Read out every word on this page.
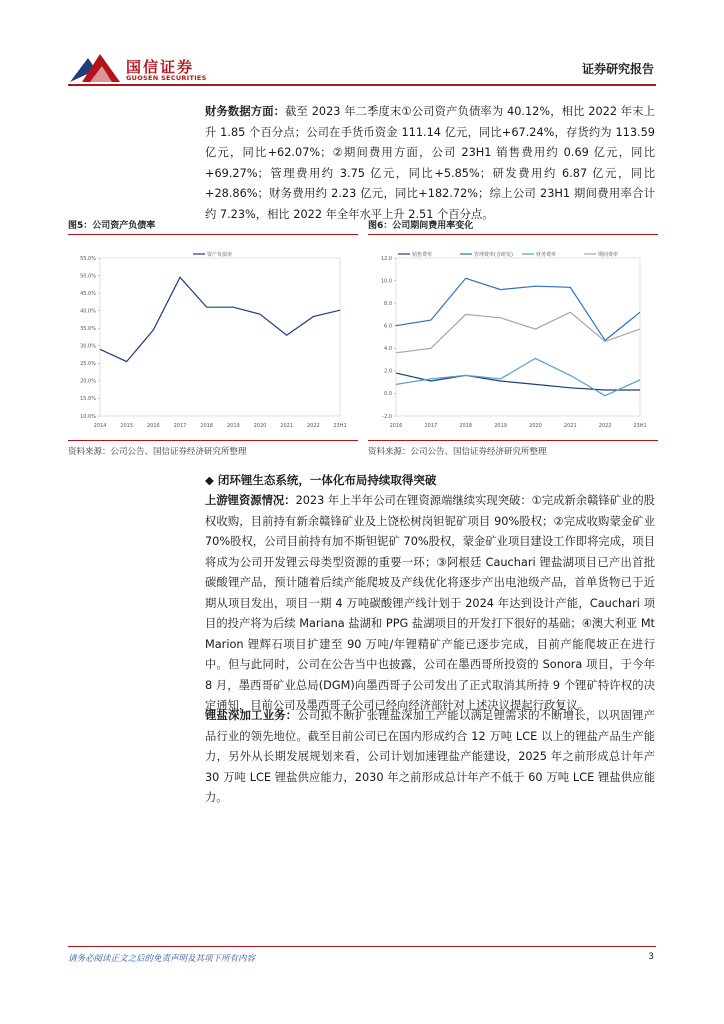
国信证券
GUOSEN SECURITIES
证券研究报告

财务数据方面：截至 2023 年二季度末①公司资产负债率为 40.12%，相比 2022 年末上升 1.85 个百分点；公司在手货币资金 111.14 亿元，同比+67.24%，存货约为 113.59 亿元，同比+62.07%；②期间费用方面，公司 23H1 销售费用约 0.69 亿元，同比+69.27%；管理费用约 3.75 亿元，同比+5.85%；研发费用约 6.87 亿元，同比+28.86%；财务费用约 2.23 亿元，同比+182.72%；综上公司 23H1 期间费用率合计约 7.23%，相比 2022 年全年水平上升 2.51 个百分点。

图5：公司资产负债率
10.0%
15.0%
20.0%
25.0%
30.0%
35.0%
40.0%
45.0%
50.0%
55.0%
2014	2015	2016	2017	2018	2019	2020	2021	2022	23H1
资产负债率
资料来源：公司公告、国信证券经济研究所整理
图6：公司期间费用率变化
-2.0
0.0
2.0
4.0
6.0
8.0
10.0
12.0
2016	2017	2018	2019	2020	2021	2022	23H1
销售费率	管理费率(含研发)	财务费率	期间费率
资料来源：公司公告、国信证券经济研究所整理
◆ 闭环锂生态系统，一体化布局持续取得突破

上游锂资源情况：2023 年上半年公司在锂资源端继续实现突破：①完成新余赣锋矿业的股权收购，目前持有新余赣锋矿业及上饶松树岗钽铌矿项目 90%股权；②完成收购蒙金矿业 70%股权，公司目前持有加不斯钽铌矿 70%股权，蒙金矿业项目建设工作即将完成，项目将成为公司开发锂云母类型资源的重要一环；③阿根廷 Cauchari 锂盐湖项目已产出首批碳酸锂产品，预计随着后续产能爬坡及产线优化将逐步产出电池级产品，首单货物已于近期从项目发出，项目一期 4 万吨碳酸锂产线计划于 2024 年达到设计产能，Cauchari 项目的投产将为后续 Mariana 盐湖和 PPG 盐湖项目的开发打下很好的基础；④澳大利亚 Mt Marion 锂辉石项目扩建至 90 万吨/年锂精矿产能已逐步完成，目前产能爬坡正在进行中。但与此同时，公司在公告当中也披露，公司在墨西哥所投资的 Sonora 项目，于今年 8 月，墨西哥矿业总局(DGM)向墨西哥子公司发出了正式取消其所持 9 个锂矿特许权的决定通知，目前公司及墨西哥子公司已经向经济部针对上述决议提起行政复议。

锂盐深加工业务：公司拟不断扩张锂盐深加工产能以满足锂需求的不断增长，以巩固锂产品行业的领先地位。截至目前公司已在国内形成约合 12 万吨 LCE 以上的锂盐产品生产能力，另外从长期发展规划来看，公司计划加速锂盐产能建设，2025 年之前形成总计年产 30 万吨 LCE 锂盐供应能力，2030 年之前形成总计年产不低于 60 万吨 LCE 锂盐供应能力。

请务必阅读正文之后的免责声明及其项下所有内容	3
